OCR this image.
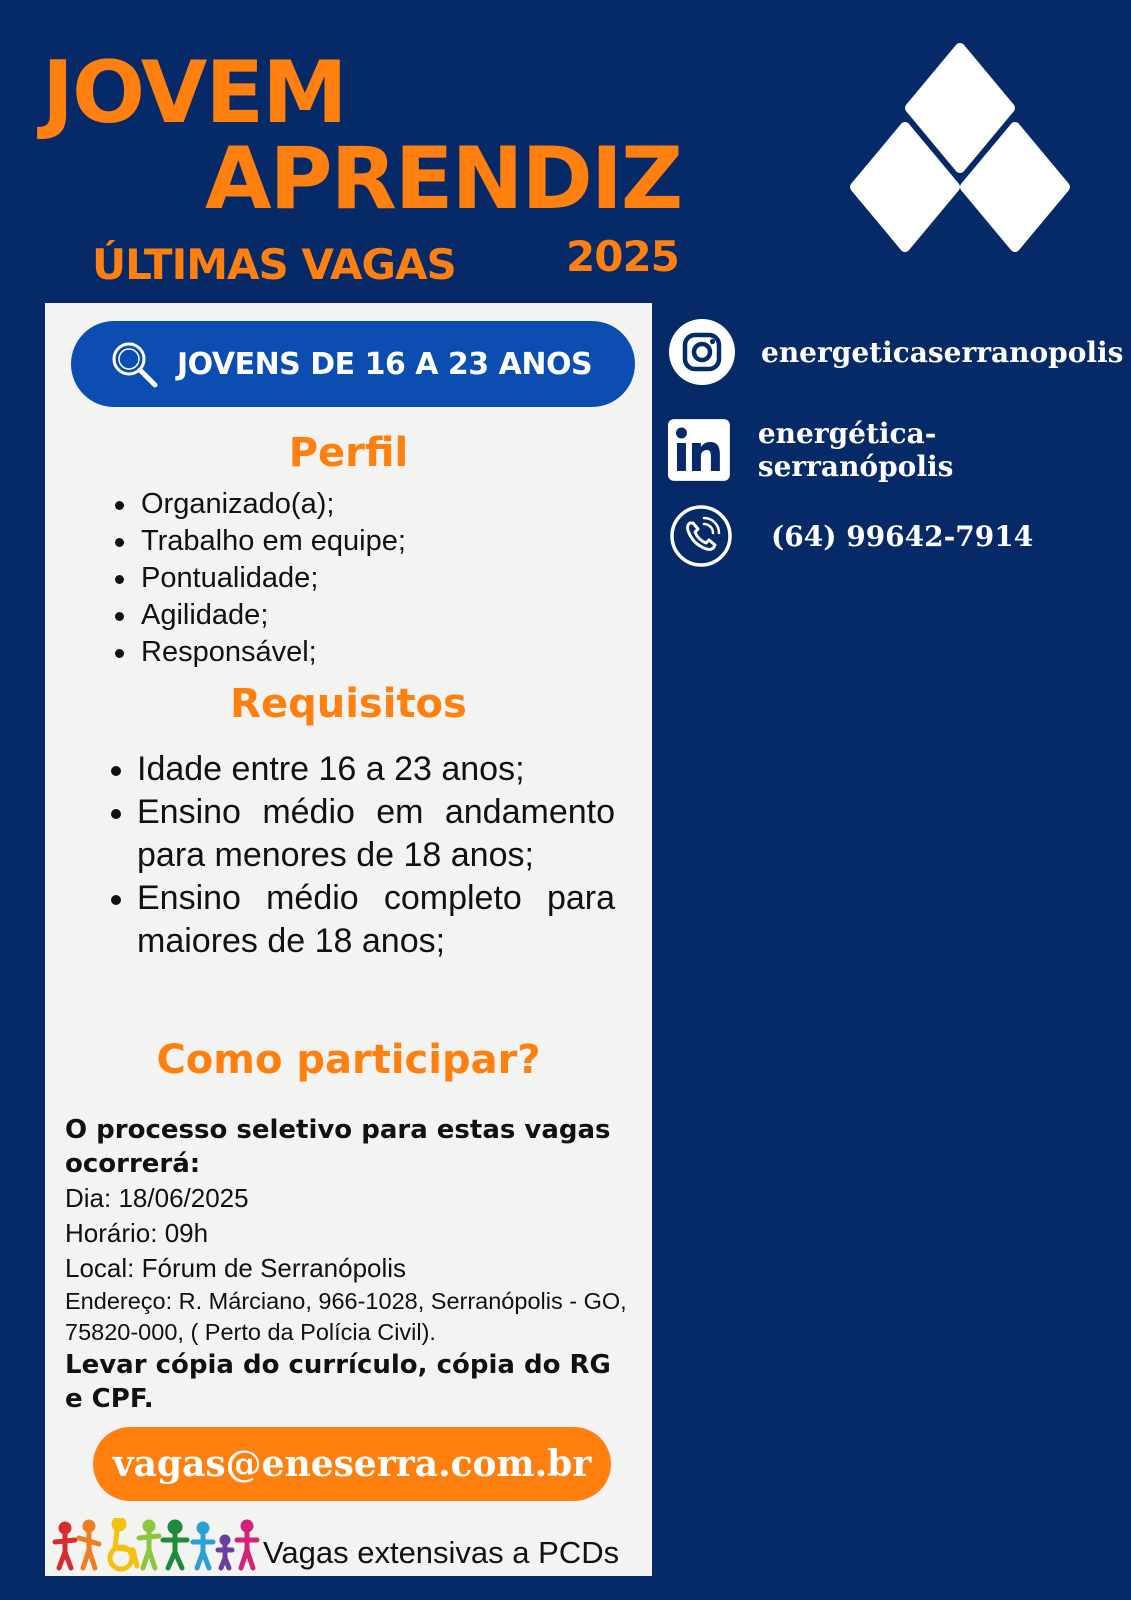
JOVEM
APRENDIZ
ÚLTIMAS VAGAS	2025
JOVENS DE 16 A 23 ANOS
Perfil
Organizado(a);
Trabalho em equipe;
Pontualidade;
Agilidade;
Responsável;
Requisitos
Idade entre 16 a 23 anos;
Ensino médio em andamento para menores de 18 anos;
Ensino médio completo para maiores de 18 anos;
Como participar?
O processo seletivo para estas vagas ocorrerá:
Dia: 18/06/2025
Horário: 09h
Local: Fórum de Serranópolis
Endereço: R. Márciano, 966-1028, Serranópolis - GO, 75820-000, ( Perto da Polícia Civil).
Levar cópia do currículo, cópia do RG e CPF.
vagas@eneserra.com.br
Vagas extensivas a PCDs
energeticaserranopolis
energética-serranópolis
(64) 99642-7914
